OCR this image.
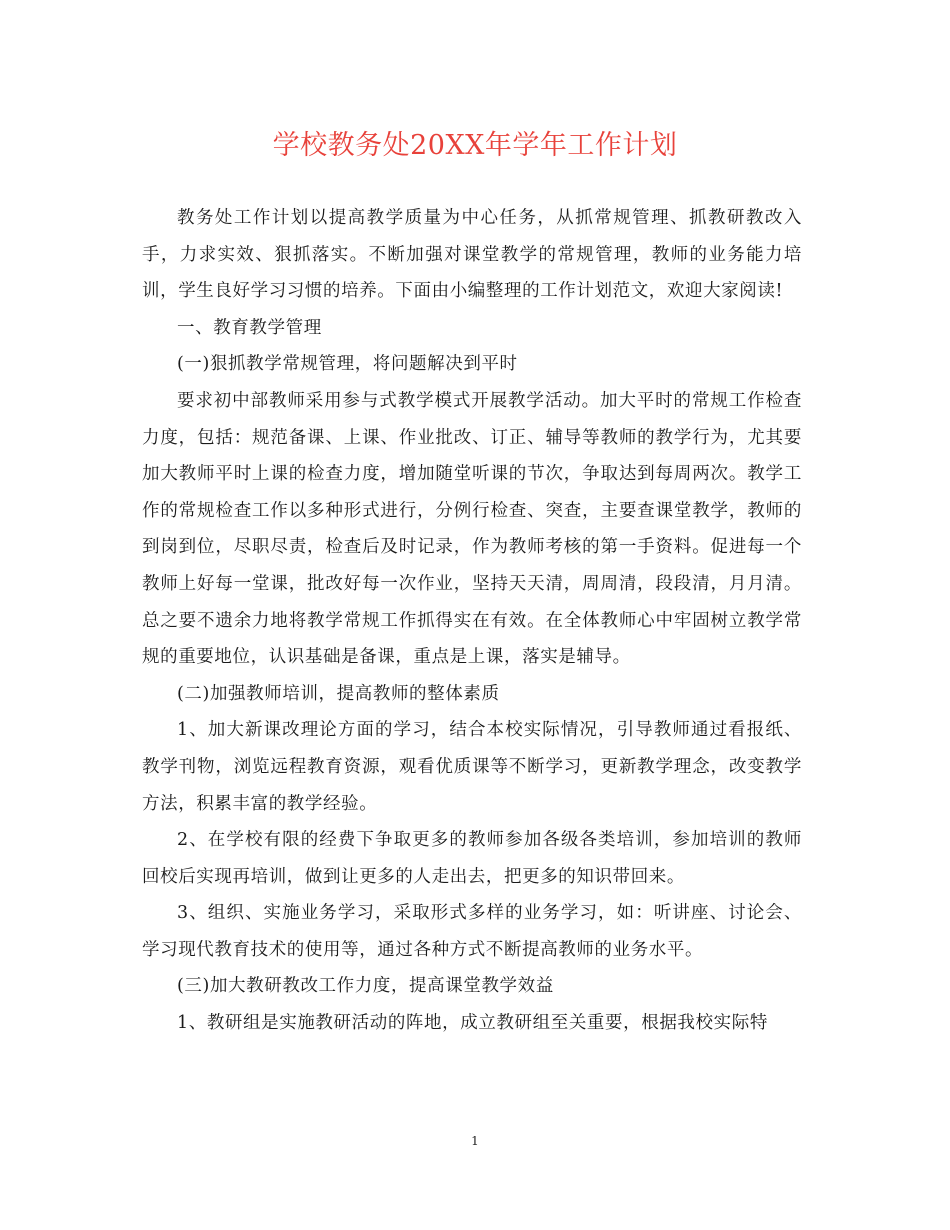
学校教务处20XX年学年工作计划

教务处工作计划以提高教学质量为中心任务，从抓常规管理、抓教研教改入手，力求实效、狠抓落实。不断加强对课堂教学的常规管理，教师的业务能力培训，学生良好学习习惯的培养。下面由小编整理的工作计划范文，欢迎大家阅读!

一、教育教学管理

(一)狠抓教学常规管理，将问题解决到平时

要求初中部教师采用参与式教学模式开展教学活动。加大平时的常规工作检查力度，包括：规范备课、上课、作业批改、订正、辅导等教师的教学行为，尤其要加大教师平时上课的检查力度，增加随堂听课的节次，争取达到每周两次。教学工作的常规检查工作以多种形式进行，分例行检查、突查，主要查课堂教学，教师的到岗到位，尽职尽责，检查后及时记录，作为教师考核的第一手资料。促进每一个教师上好每一堂课，批改好每一次作业，坚持天天清，周周清，段段清，月月清。总之要不遗余力地将教学常规工作抓得实在有效。在全体教师心中牢固树立教学常规的重要地位，认识基础是备课，重点是上课，落实是辅导。

(二)加强教师培训，提高教师的整体素质

1、加大新课改理论方面的学习，结合本校实际情况，引导教师通过看报纸、教学刊物，浏览远程教育资源，观看优质课等不断学习，更新教学理念，改变教学方法，积累丰富的教学经验。

2、在学校有限的经费下争取更多的教师参加各级各类培训，参加培训的教师回校后实现再培训，做到让更多的人走出去，把更多的知识带回来。

3、组织、实施业务学习，采取形式多样的业务学习，如：听讲座、讨论会、学习现代教育技术的使用等，通过各种方式不断提高教师的业务水平。

(三)加大教研教改工作力度，提高课堂教学效益

1、教研组是实施教研活动的阵地，成立教研组至关重要，根据我校实际特

1
